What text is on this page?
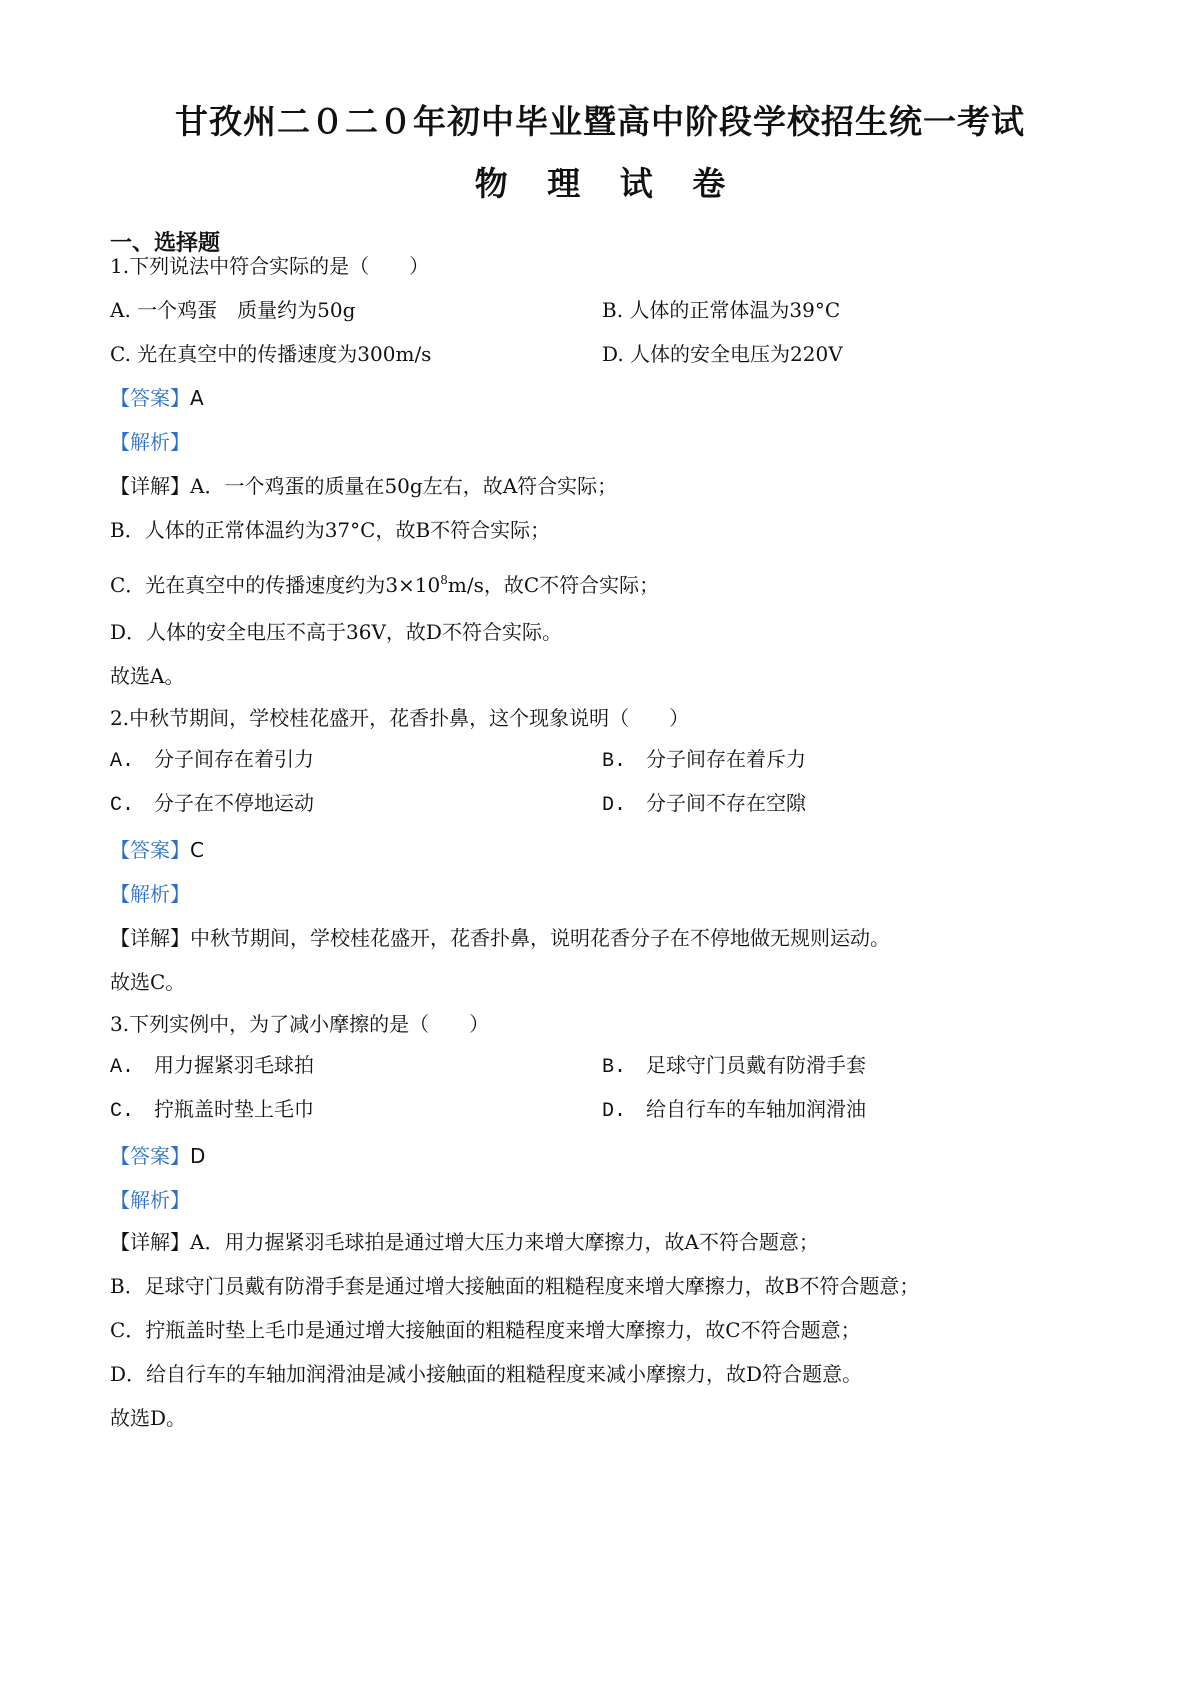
甘孜州二０二０年初中毕业暨高中阶段学校招生统一考试
物 理 试 卷
一、选择题
1.下列说法中符合实际的是（　　）
A. 一个鸡蛋　质量约为50g	B. 人体的正常体温为39°C
C. 光在真空中的传播速度为300m/s	D. 人体的安全电压为220V
【答案】A
【解析】
【详解】A．一个鸡蛋的质量在50g左右，故A符合实际；
B．人体的正常体温约为37°C，故B不符合实际；
C．光在真空中的传播速度约为$3\times 10^8m/s$，故C不符合实际；
D．人体的安全电压不高于36V，故D不符合实际。
故选A。
2.中秋节期间，学校桂花盛开，花香扑鼻，这个现象说明（　　）
A.　分子间存在着引力	B.　分子间存在着斥力
C.　分子在不停地运动	D.　分子间不存在空隙
【答案】C
【解析】
【详解】中秋节期间，学校桂花盛开，花香扑鼻，说明花香分子在不停地做无规则运动。
故选C。
3.下列实例中，为了减小摩擦的是（　　）
A.　用力握紧羽毛球拍	B.　足球守门员戴有防滑手套
C.　拧瓶盖时垫上毛巾	D.　给自行车的车轴加润滑油
【答案】D
【解析】
【详解】A．用力握紧羽毛球拍是通过增大压力来增大摩擦力，故A不符合题意；
B．足球守门员戴有防滑手套是通过增大接触面的粗糙程度来增大摩擦力，故B不符合题意；
C．拧瓶盖时垫上毛巾是通过增大接触面的粗糙程度来增大摩擦力，故C不符合题意；
D．给自行车的车轴加润滑油是减小接触面的粗糙程度来减小摩擦力，故D符合题意。
故选D。
